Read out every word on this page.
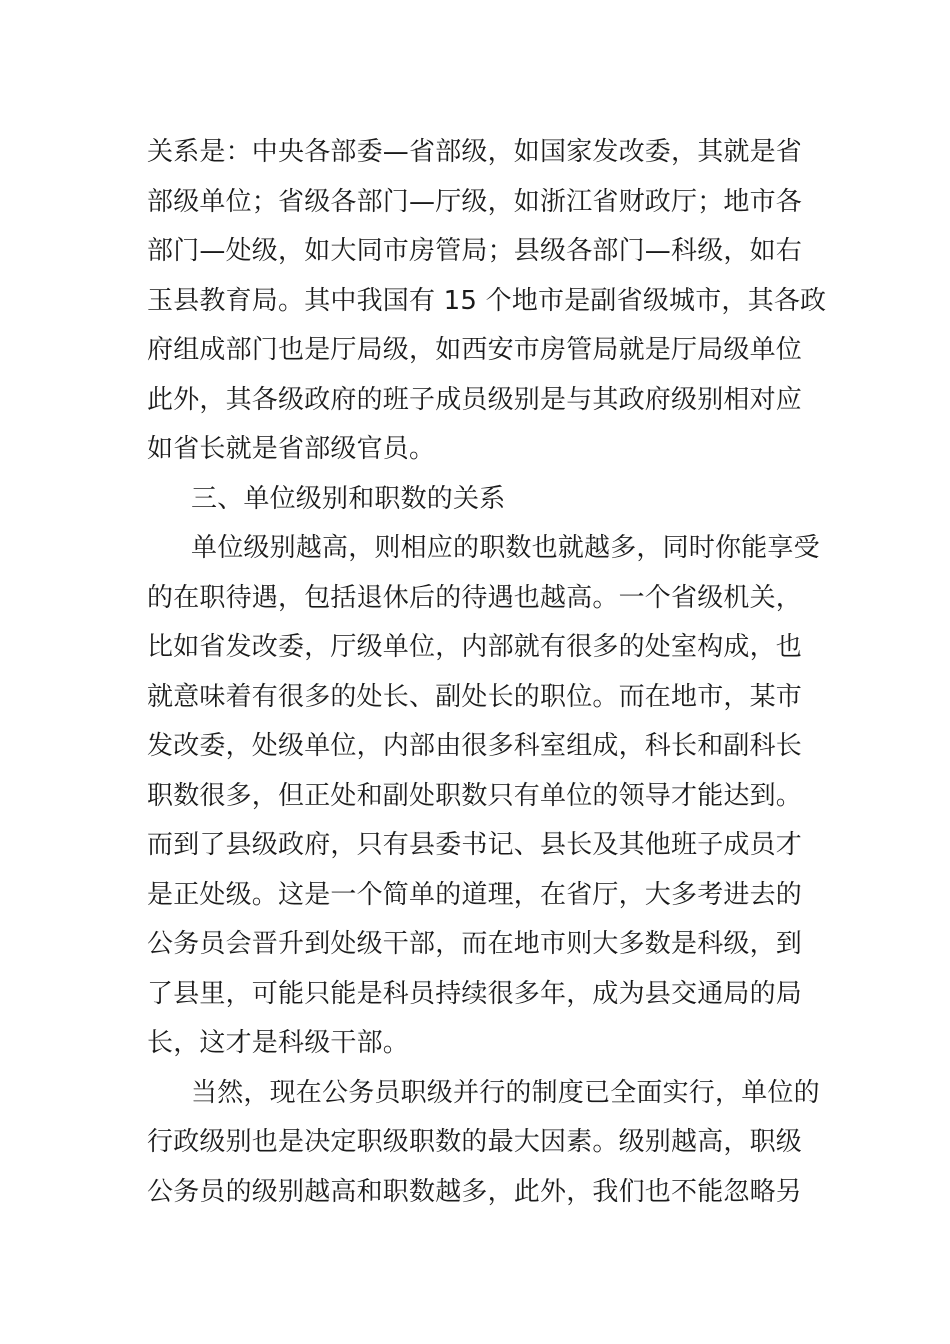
关系是：中央各部委—省部级，如国家发改委，其就是省
部级单位；省级各部门—厅级，如浙江省财政厅；地市各
部门—处级，如大同市房管局；县级各部门—科级，如右
玉县教育局。其中我国有 15 个地市是副省级城市，其各政
府组成部门也是厅局级，如西安市房管局就是厅局级单位
此外，其各级政府的班子成员级别是与其政府级别相对应
如省长就是省部级官员。
三、单位级别和职数的关系
单位级别越高，则相应的职数也就越多，同时你能享受
的在职待遇，包括退休后的待遇也越高。一个省级机关，
比如省发改委，厅级单位，内部就有很多的处室构成，也
就意味着有很多的处长、副处长的职位。而在地市，某市
发改委，处级单位，内部由很多科室组成，科长和副科长
职数很多，但正处和副处职数只有单位的领导才能达到。
而到了县级政府，只有县委书记、县长及其他班子成员才
是正处级。这是一个简单的道理，在省厅，大多考进去的
公务员会晋升到处级干部，而在地市则大多数是科级，到
了县里，可能只能是科员持续很多年，成为县交通局的局
长，这才是科级干部。
当然，现在公务员职级并行的制度已全面实行，单位的
行政级别也是决定职级职数的最大因素。级别越高，职级
公务员的级别越高和职数越多，此外，我们也不能忽略另
